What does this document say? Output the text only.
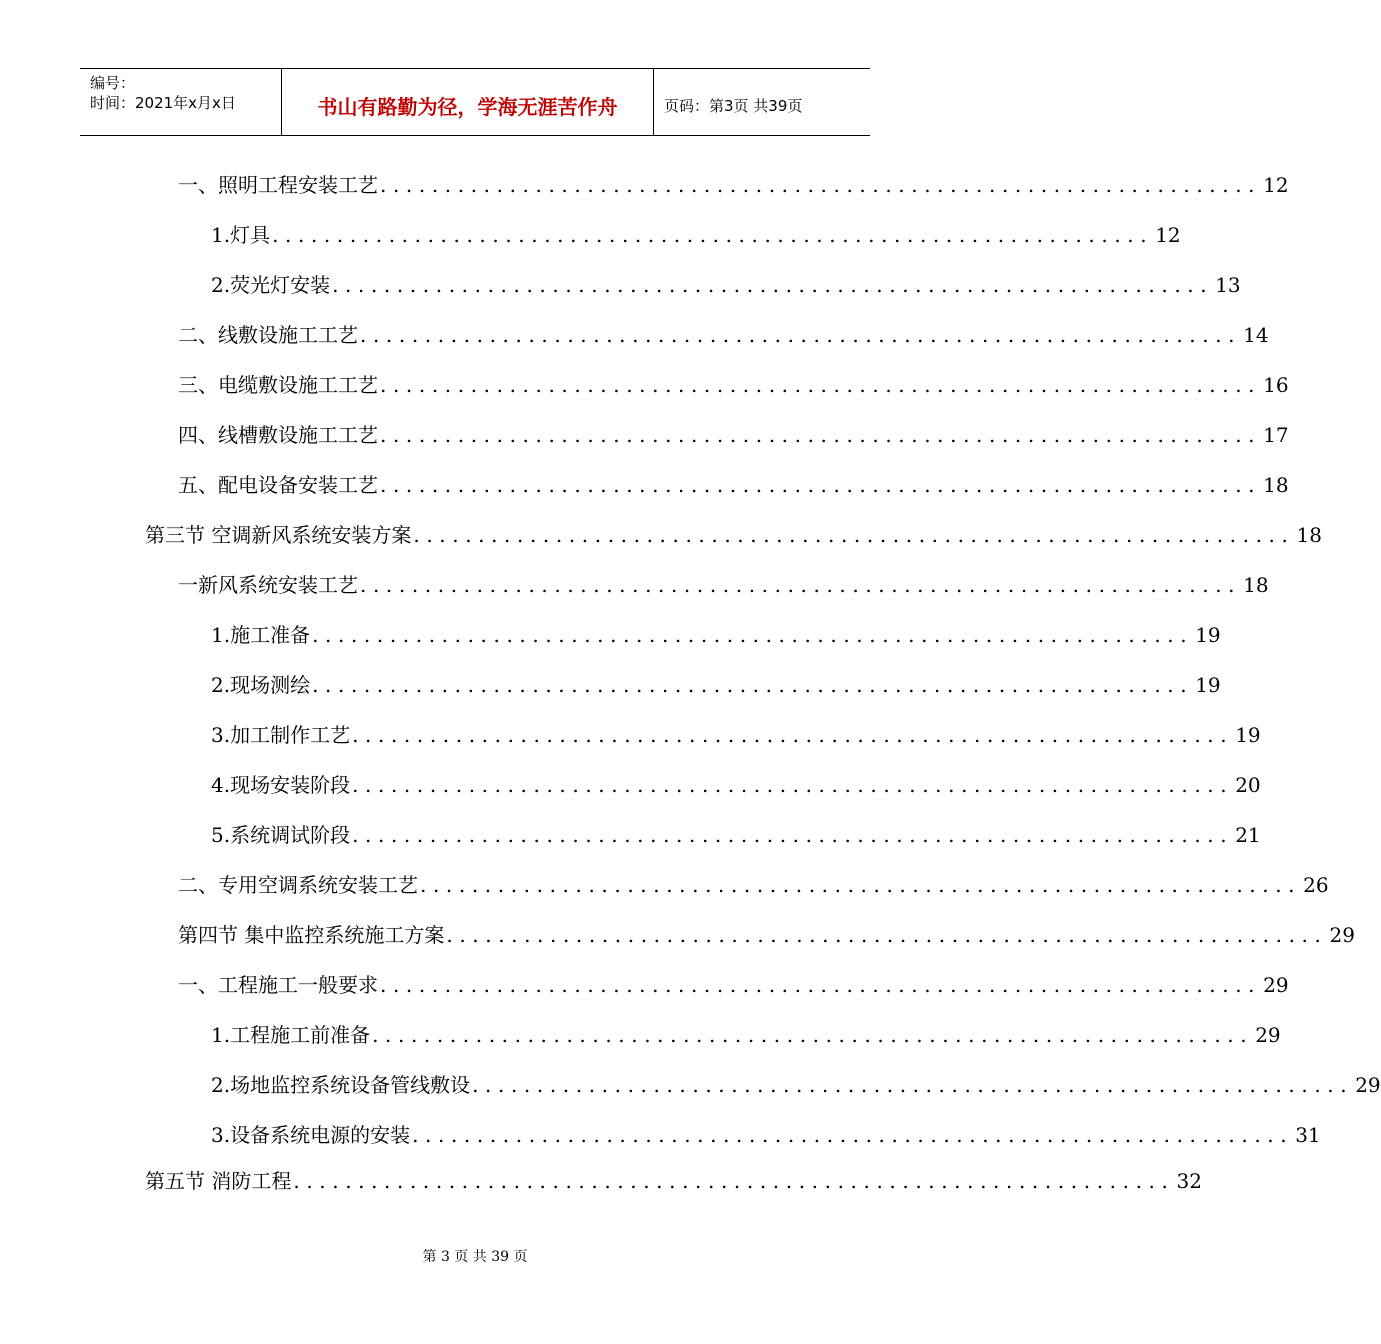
编号：
时间：2021年x月x日	书山有路勤为径，学海无涯苦作舟	页码：第3页 共39页
一、 照明工程安装工艺 .................................................................... 12
1. 灯具 .................................................................... 12
2. 荧光灯安装 .................................................................... 13
二、 线敷设施工工艺 .................................................................... 14
三、 电缆敷设施工工艺 .................................................................... 16
四、线槽敷设施工工艺 .................................................................... 17
五、配电设备安装工艺 .................................................................... 18
第三节 空调新风系统安装方案 .................................................................... 18
一新风系统安装工艺 .................................................................... 18
1. 施工准备 .................................................................... 19
2. 现场测绘 .................................................................... 19
3. 加工制作工艺 .................................................................... 19
4. 现场安装阶段 .................................................................... 20
5. 系统调试阶段 .................................................................... 21
二、专用空调系统安装工艺 .................................................................... 26
第四节 集中监控系统施工方案 .................................................................... 29
一、工程施工一般要求 .................................................................... 29
1. 工程施工前准备 .................................................................... 29
2. 场地监控系统设备管线敷设 .................................................................... 29
3. 设备系统电源的安装 .................................................................... 31
第五节 消防工程 .................................................................... 32
第 3 页 共 39 页
